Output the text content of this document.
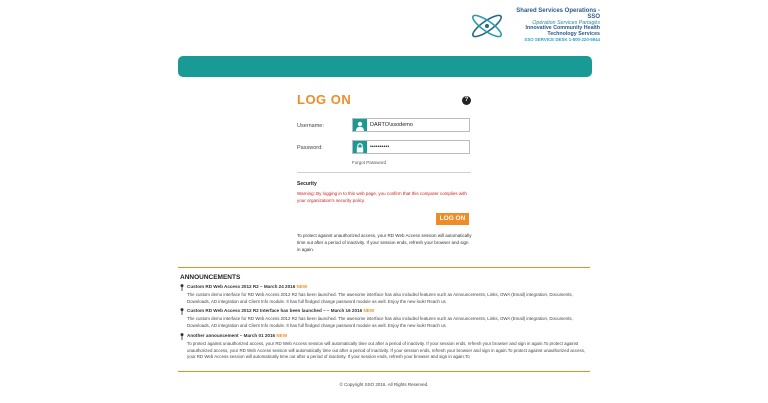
Shared Services Operations - SSO
Opération Services Partagés
Innovative Community Health
Technology Services
SSO SERVICE DESK 1-800-220-5944
LOG ON	?
Username:
DARTO\ssodemo
Password:	••••••••••
Forgot Password
Security
Warning: By logging in to this web page, you confirm that this computer complies with your organization's security policy.
LOG ON
To protect against unauthorized access, your RD Web Access session will automatically time out after a period of inactivity. If your session ends, refresh your browser and sign in again.
ANNOUNCEMENTS
Custom RD Web Access 2012 R2 – March 24 2016 NEW
The custom demo interface for RD Web Access 2012 R2 has been launched. The awesome interface has also included features such as Announcements, Links, OWA (Email) integration, Documents, Downloads, AD integration and Client Info module. It has full fledged change password module as well. Enjoy the new look! Reach us
Custom RD Web Access 2012 R2 Interface has been launched – – March 16 2016 NEW
The custom demo interface for RD Web Access 2012 R2 has been launched. The awesome interface has also included features such as Announcements, Links, OWA (Email) integration, Documents, Downloads, AD integration and Client Info module. It has full fledged change password module as well. Enjoy the new look! Reach us
Another announcement – March 01 2016 NEW
To protect against unauthorized access, your RD Web Access session will automatically time out after a period of inactivity. If your session ends, refresh your browser and sign in again.To protect against unauthorized access, your RD Web Access session will automatically time out after a period of inactivity. If your session ends, refresh your browser and sign in again.To protect against unauthorized access, your RD Web Access session will automatically time out after a period of inactivity. If your session ends, refresh your browser and sign in again.To
© Copyright SSO 2016. All Rights Reserved.
